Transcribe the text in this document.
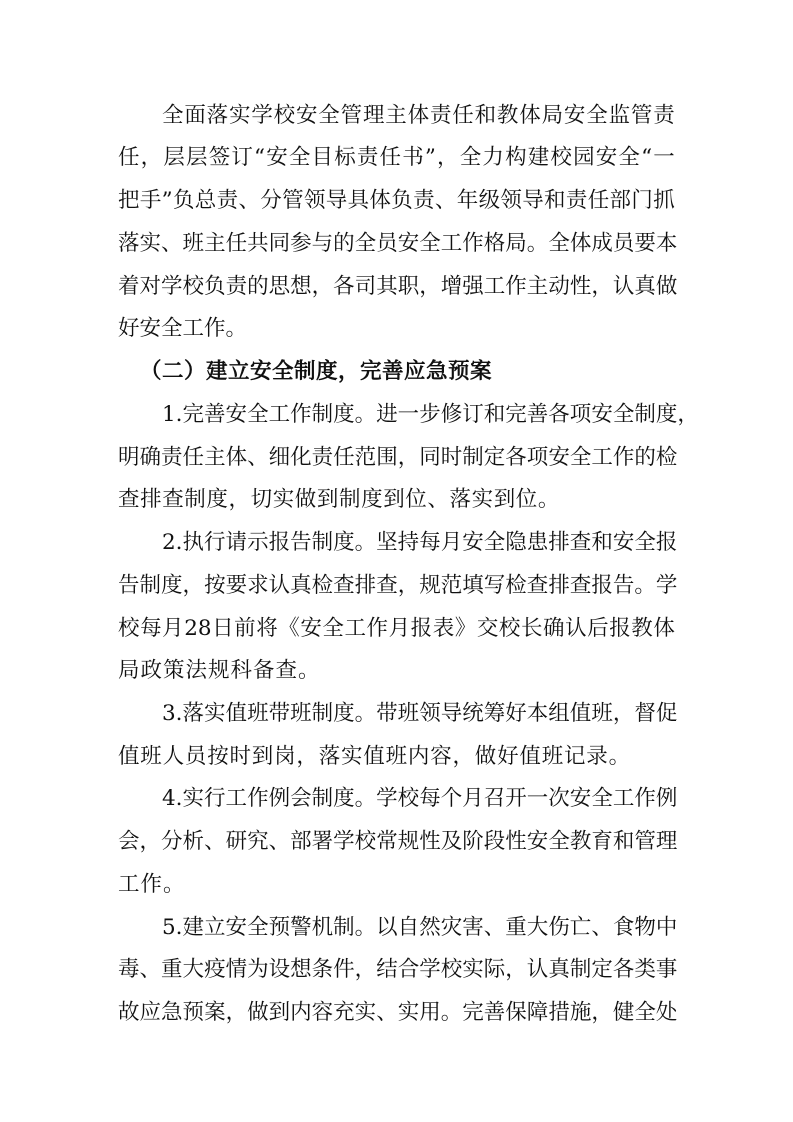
全 面 落 实 学 校 安 全 管 理 主 体 责 任 和 教 体 局 安 全 监 管 责
任 ， 层 层 签 订 “ 安 全 目 标 责 任 书 ” ， 全 力 构 建 校 园 安 全 “ 一
把 手 ” 负 总 责 、 分 管 领 导 具 体 负 责 、 年 级 领 导 和 责 任 部 门 抓
落 实 、 班 主 任 共 同 参 与 的 全 员 安 全 工 作 格 局 。 全 体 成 员 要 本
着 对 学 校 负 责 的 思 想 ， 各 司 其 职 ， 增 强 工 作 主 动 性 ， 认 真 做
好安全工作。
（二）建立安全制度，完善应急预案
1. 完 善 安 全 工 作 制 度 。 进 一 步 修 订 和 完 善 各 项 安 全 制 度 ，
明 确 责 任 主 体 、 细 化 责 任 范 围 ， 同 时 制 定 各 项 安 全 工 作 的 检
查排查制度，切实做到制度到位、落实到位。
2. 执 行 请 示 报 告 制 度 。 坚 持 每 月 安 全 隐 患 排 查 和 安 全 报
告 制 度 ， 按 要 求 认 真 检 查 排 查 ， 规 范 填 写 检 查 排 查 报 告 。 学
校 每 月 28 日 前 将 《 安 全 工 作 月 报 表 》 交 校 长 确 认 后 报 教 体
局政策法规科备查。
3. 落 实 值 班 带 班 制 度 。 带 班 领 导 统 筹 好 本 组 值 班 ， 督 促
值班人员按时到岗，落实值班内容，做好值班记录。
4. 实 行 工 作 例 会 制 度 。 学 校 每 个 月 召 开 一 次 安 全 工 作 例
会 ， 分 析 、 研 究 、 部 署 学 校 常 规 性 及 阶 段 性 安 全 教 育 和 管 理
工作。
5. 建 立 安 全 预 警 机 制 。 以 自 然 灾 害 、 重 大 伤 亡 、 食 物 中
毒 、 重 大 疫 情 为 设 想 条 件 ， 结 合 学 校 实 际 ， 认 真 制 定 各 类 事
故 应 急 预 案 ， 做 到 内 容 充 实 、 实 用 。 完 善 保 障 措 施 ， 健 全 处
